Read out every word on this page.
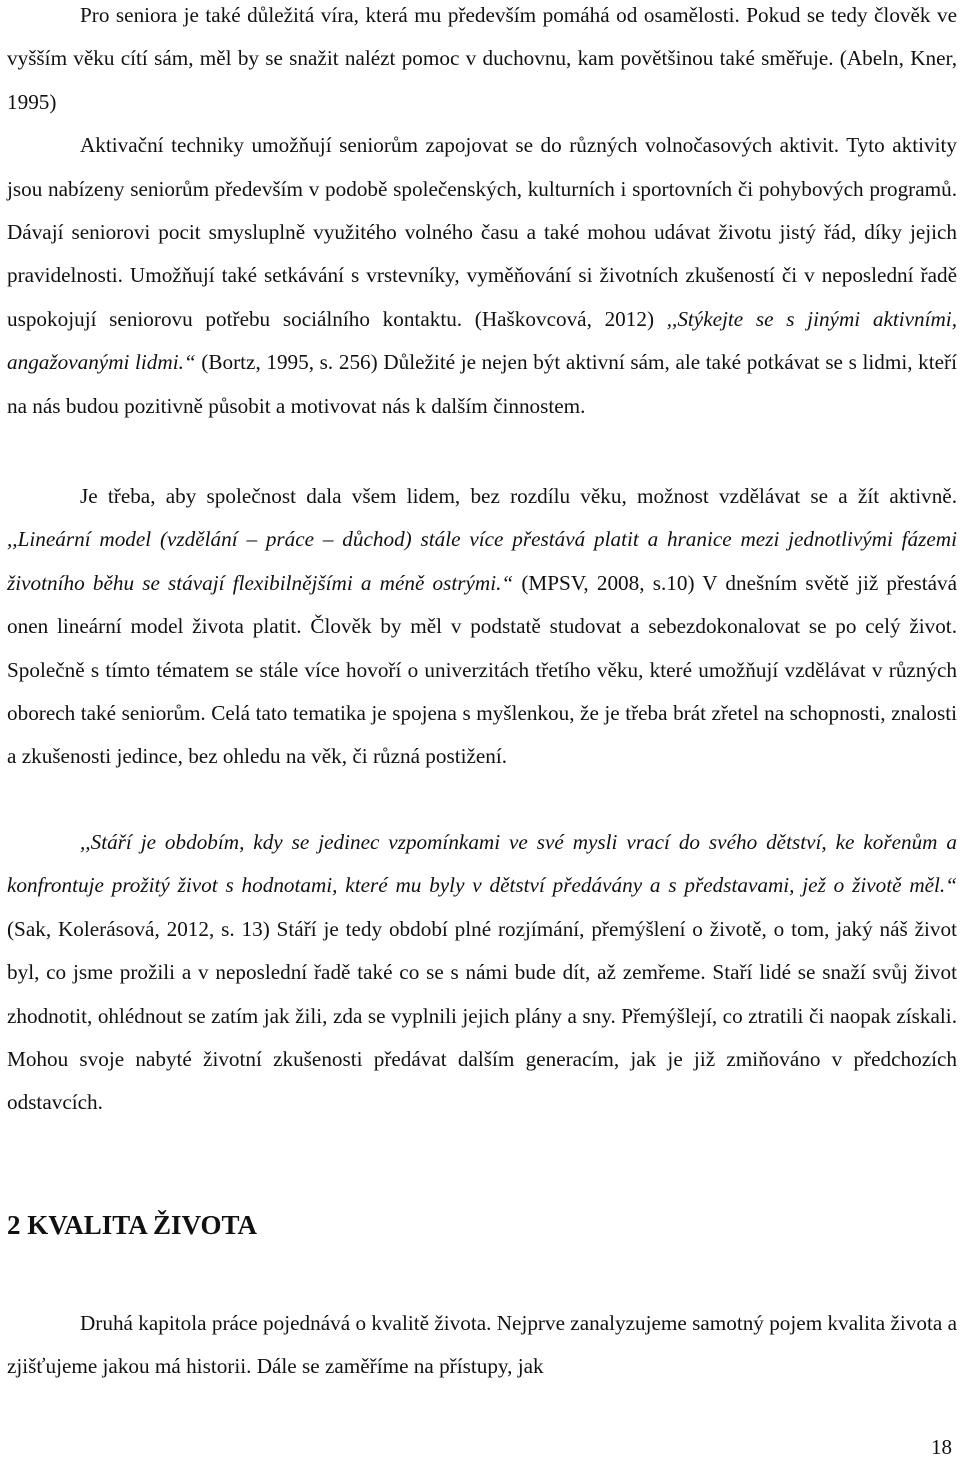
Pro seniora je také důležitá víra, která mu především pomáhá od osamělosti. Pokud se tedy člověk ve vyšším věku cítí sám, měl by se snažit nalézt pomoc v duchovnu, kam povětšinou také směřuje. (Abeln, Kner, 1995)
Aktivační techniky umožňují seniorům zapojovat se do různých volnočasových aktivit. Tyto aktivity jsou nabízeny seniorům především v podobě společenských, kulturních i sportovních či pohybových programů. Dávají seniorovi pocit smysluplně využitého volného času a také mohou udávat životu jistý řád, díky jejich pravidelnosti. Umožňují také setkávání s vrstevníky, vyměňování si životních zkušeností či v neposlední řadě uspokojují seniorovu potřebu sociálního kontaktu. (Haškovcová, 2012) ,,Stýkejte se s jinými aktivními, angažovanými lidmi.“ (Bortz, 1995, s. 256) Důležité je nejen být aktivní sám, ale také potkávat se s lidmi, kteří na nás budou pozitivně působit a motivovat nás k dalším činnostem.

Je třeba, aby společnost dala všem lidem, bez rozdílu věku, možnost vzdělávat se a žít aktivně. ,,Lineární model (vzdělání – práce – důchod) stále více přestává platit a hranice mezi jednotlivými fázemi životního běhu se stávají flexibilnějšími a méně ostrými.“ (MPSV, 2008, s.10) V dnešním světě již přestává onen lineární model života platit. Člověk by měl v podstatě studovat a sebezdokonalovat se po celý život. Společně s tímto tématem se stále více hovoří o univerzitách třetího věku, které umožňují vzdělávat v různých oborech také seniorům. Celá tato tematika je spojena s myšlenkou, že je třeba brát zřetel na schopnosti, znalosti a zkušenosti jedince, bez ohledu na věk, či různá postižení.

,,Stáří je obdobím, kdy se jedinec vzpomínkami ve své mysli vrací do svého dětství, ke kořenům a konfrontuje prožitý život s hodnotami, které mu byly v dětství předávány a s představami, jež o životě měl.“ (Sak, Kolerásová, 2012, s. 13) Stáří je tedy období plné rozjímání, přemýšlení o životě, o tom, jaký náš život byl, co jsme prožili a v neposlední řadě také co se s námi bude dít, až zemřeme. Staří lidé se snaží svůj život zhodnotit, ohlédnout se zatím jak žili, zda se vyplnili jejich plány a sny. Přemýšlejí, co ztratili či naopak získali. Mohou svoje nabyté životní zkušenosti předávat dalším generacím, jak je již zmiňováno v předchozích odstavcích.

2 KVALITA ŽIVOTA

Druhá kapitola práce pojednává o kvalitě života. Nejprve zanalyzujeme samotný pojem kvalita života a zjišťujeme jakou má historii. Dále se zaměříme na přístupy, jak

18
